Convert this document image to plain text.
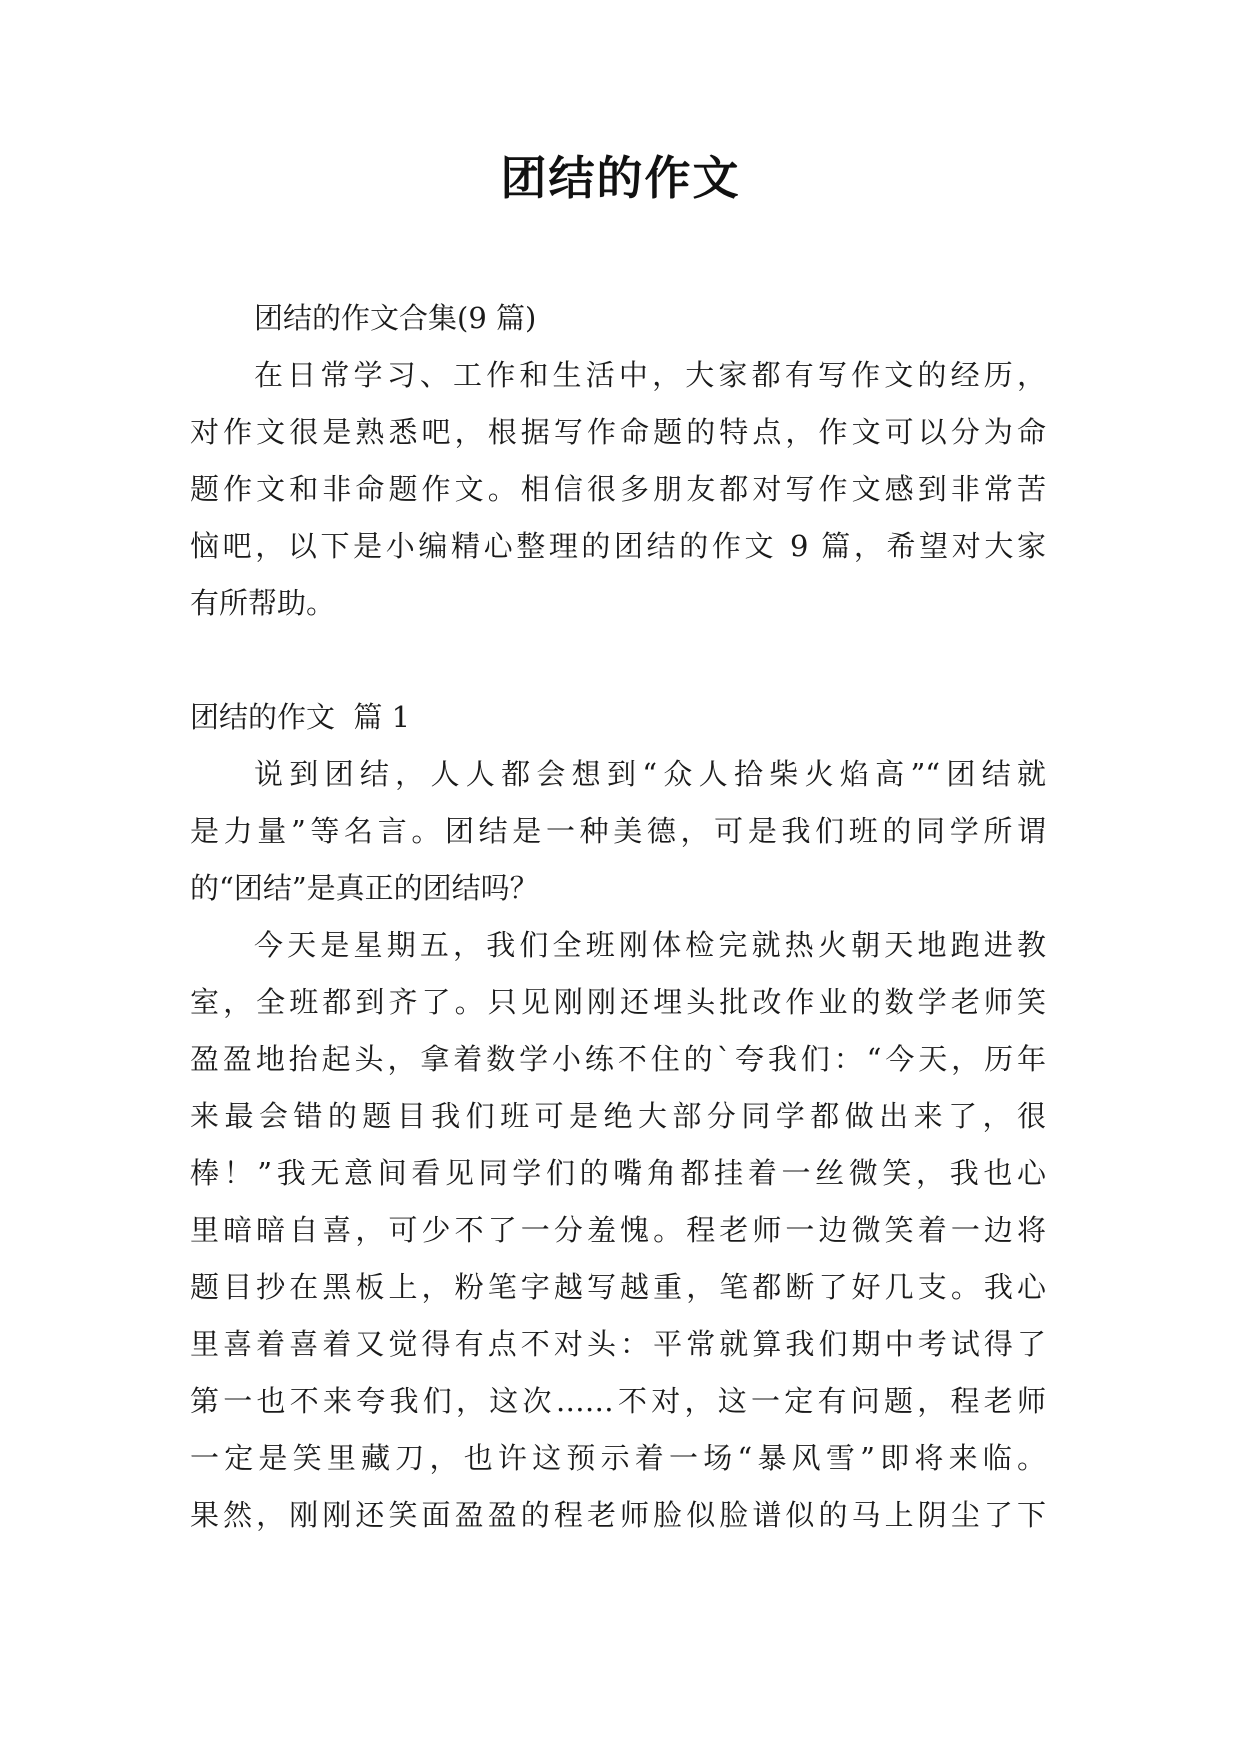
团结的作文
团结的作文合集(9 篇)
在日常学习、工作和生活中，大家都有写作文的经历，
对作文很是熟悉吧，根据写作命题的特点，作文可以分为命
题作文和非命题作文。相信很多朋友都对写作文感到非常苦
恼吧，以下是小编精心整理的团结的作文 9 篇，希望对大家
有所帮助。
团结的作文  篇 1
说到团结，人人都会想到“众人拾柴火焰高”“团结就
是力量”等名言。团结是一种美德，可是我们班的同学所谓
的“团结”是真正的团结吗？
今天是星期五，我们全班刚体检完就热火朝天地跑进教
室，全班都到齐了。只见刚刚还埋头批改作业的数学老师笑
盈盈地抬起头，拿着数学小练不住的`夸我们：“今天，历年
来最会错的题目我们班可是绝大部分同学都做出来了，很
棒！”我无意间看见同学们的嘴角都挂着一丝微笑，我也心
里暗暗自喜，可少不了一分羞愧。程老师一边微笑着一边将
题目抄在黑板上，粉笔字越写越重，笔都断了好几支。我心
里喜着喜着又觉得有点不对头：平常就算我们期中考试得了
第一也不来夸我们，这次……不对，这一定有问题，程老师
一定是笑里藏刀，也许这预示着一场“暴风雪”即将来临。
果然，刚刚还笑面盈盈的程老师脸似脸谱似的马上阴尘了下
